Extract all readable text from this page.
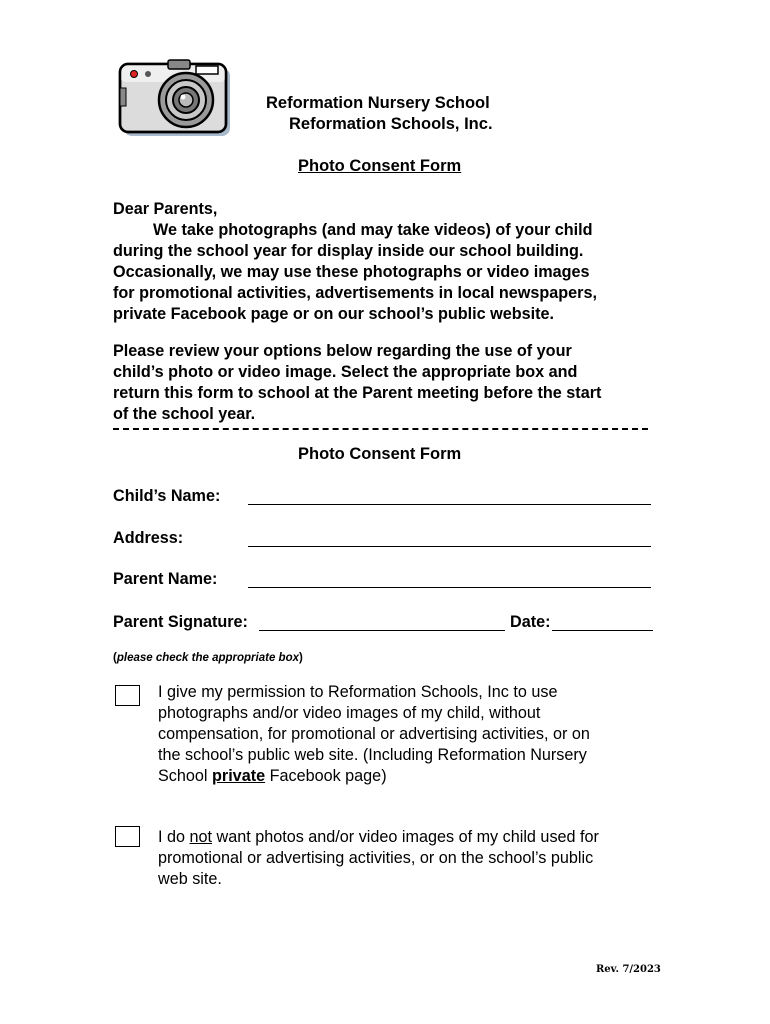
Reformation Nursery School
Reformation Schools, Inc.
Photo Consent Form
Dear Parents,
We take photographs (and may take videos) of your child
during the school year for display inside our school building.
Occasionally, we may use these photographs or video images
for promotional activities, advertisements in local newspapers,
private Facebook page or on our school’s public website.
Please review your options below regarding the use of your
child’s photo or video image. Select the appropriate box and
return this form to school at the Parent meeting before the start
of the school year.
Photo Consent Form
Child’s Name:
Address:
Parent Name:
Parent Signature:	Date:
(please check the appropriate box)
I give my permission to Reformation Schools, Inc to use
photographs and/or video images of my child, without
compensation, for promotional or advertising activities, or on
the school’s public web site. (Including Reformation Nursery
School private Facebook page)
I do not want photos and/or video images of my child used for
promotional or advertising activities, or on the school’s public
web site.
Rev. 7/2023
